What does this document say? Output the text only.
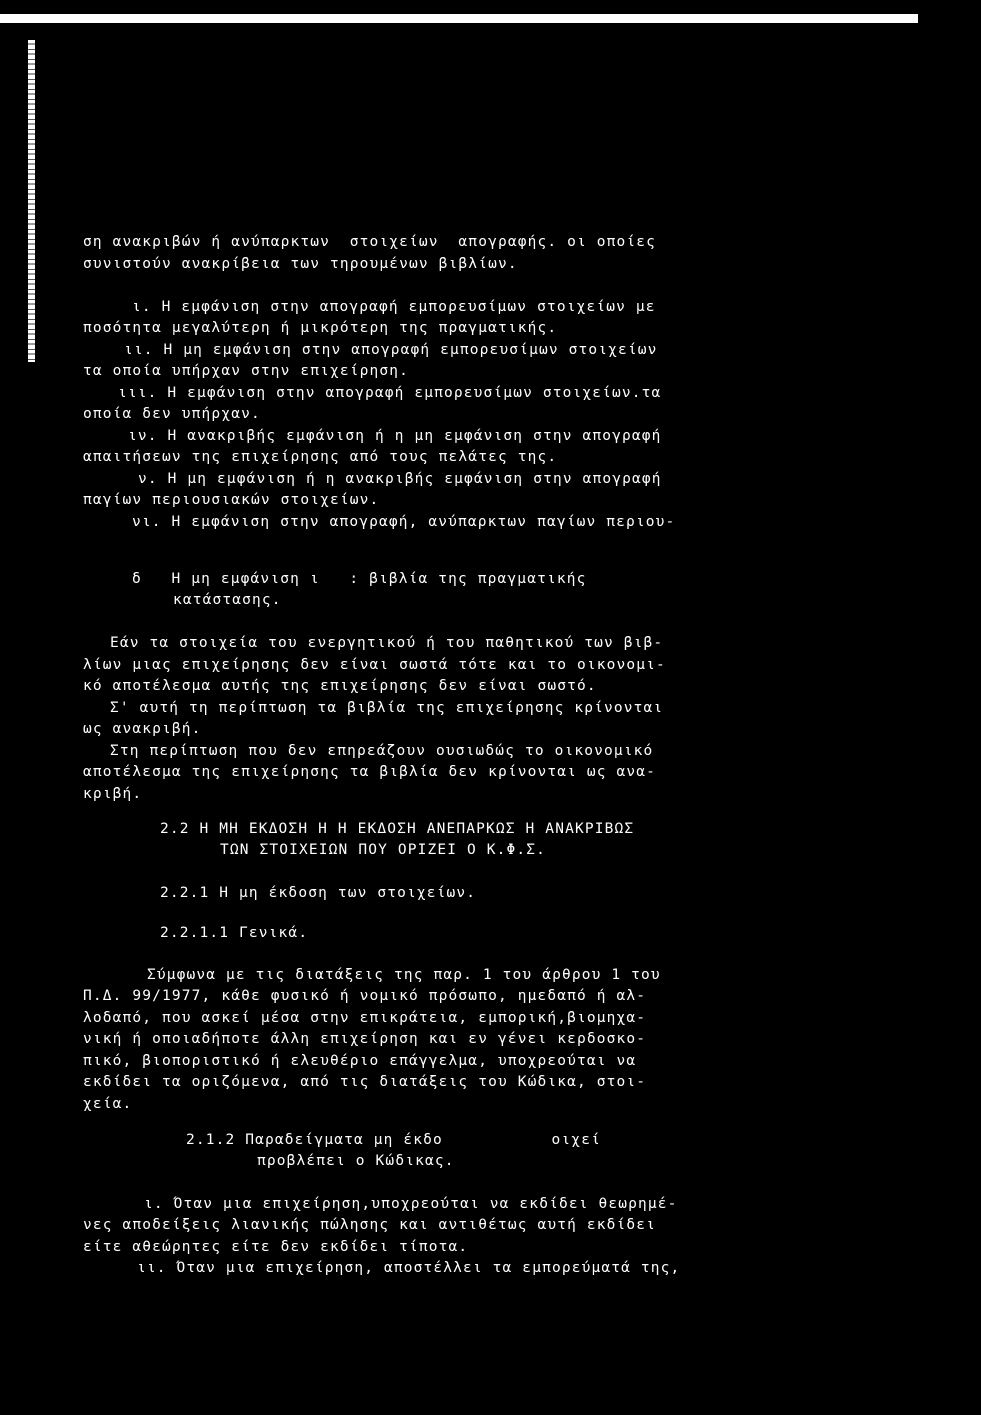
ση ανακριβών ή ανύπαρκτων  στοιχείων  απογραφής. οι οποίες
συνιστούν ανακρίβεια των τηρουμένων βιβλίων.
ι. Η εμφάνιση στην απογραφή εμπορευσίμων στοιχείων με
ποσότητα μεγαλύτερη ή μικρότερη της πραγματικής.
ιι. Η μη εμφάνιση στην απογραφή εμπορευσίμων στοιχείων
τα οποία υπήρχαν στην επιχείρηση.
ιιι. Η εμφάνιση στην απογραφή εμπορευσίμων στοιχείων.τα
οποία δεν υπήρχαν.
ιν. Η ανακριβής εμφάνιση ή η μη εμφάνιση στην απογραφή
απαιτήσεων της επιχείρησης από τους πελάτες της.
ν. Η μη εμφάνιση ή η ανακριβής εμφάνιση στην απογραφή
παγίων περιουσιακών στοιχείων.
νι. Η εμφάνιση στην απογραφή, ανύπαρκτων παγίων περιου-
δ   Η μη εμφάνιση ι   : βιβλία της πραγματικής
κατάστασης.
Εάν τα στοιχεία του ενεργητικού ή του παθητικού των βιβ-
λίων μιας επιχείρησης δεν είναι σωστά τότε και το οικονομι-
κό αποτέλεσμα αυτής της επιχείρησης δεν είναι σωστό.
Σ' αυτή τη περίπτωση τα βιβλία της επιχείρησης κρίνονται
ως ανακριβή.
Στη περίπτωση που δεν επηρεάζουν ουσιωδώς το οικονομικό
αποτέλεσμα της επιχείρησης τα βιβλία δεν κρίνονται ως ανα-
κριβή.
2.2 Η ΜΗ ΕΚΔΟΣΗ Η Η ΕΚΔΟΣΗ ΑΝΕΠΑΡΚΩΣ Η ΑΝΑΚΡΙΒΩΣ
ΤΩΝ ΣΤΟΙΧΕΙΩΝ ΠΟΥ ΟΡΙΖΕΙ Ο Κ.Φ.Σ.
2.2.1 Η μη έκδοση των στοιχείων.
2.2.1.1 Γενικά.
Σύμφωνα με τις διατάξεις της παρ. 1 του άρθρου 1 του
Π.Δ. 99/1977, κάθε φυσικό ή νομικό πρόσωπο, ημεδαπό ή αλ-
λοδαπό, που ασκεί μέσα στην επικράτεια, εμπορική,βιομηχα-
νική ή οποιαδήποτε άλλη επιχείρηση και εν γένει κερδοσκο-
πικό, βιοποριστικό ή ελευθέριο επάγγελμα, υποχρεούται να
εκδίδει τα οριζόμενα, από τις διατάξεις του Κώδικα, στοι-
χεία.
2.1.2 Παραδείγματα μη έκδο           οιχεί
προβλέπει ο Κώδικας.
ι. Όταν μια επιχείρηση,υποχρεούται να εκδίδει θεωρημέ-
νες αποδείξεις λιανικής πώλησης και αντιθέτως αυτή εκδίδει
είτε αθεώρητες είτε δεν εκδίδει τίποτα.
ιι. Όταν μια επιχείρηση, αποστέλλει τα εμπορεύματά της,
